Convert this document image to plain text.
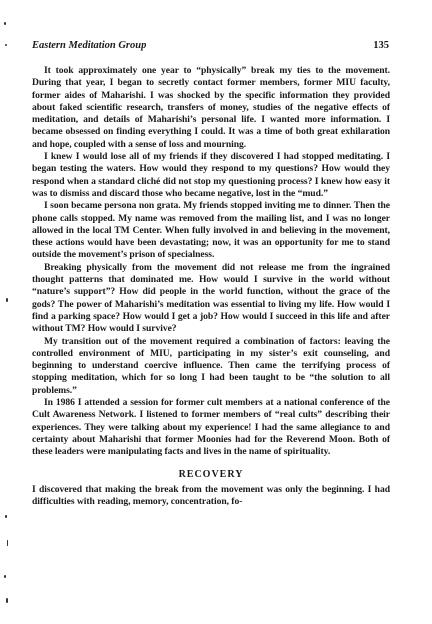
Eastern Meditation Group	135

It took approximately one year to “physically” break my ties to the movement. During that year, I began to secretly contact former members, former MIU faculty, former aides of Maharishi. I was shocked by the specific information they provided about faked scientific research, transfers of money, studies of the negative effects of meditation, and details of Maharishi’s personal life. I wanted more information. I became obsessed on finding everything I could. It was a time of both great exhilaration and hope, coupled with a sense of loss and mourning.

I knew I would lose all of my friends if they discovered I had stopped meditating. I began testing the waters. How would they respond to my questions? How would they respond when a standard cliché did not stop my questioning process? I knew how easy it was to dismiss and discard those who became negative, lost in the “mud.”

I soon became persona non grata. My friends stopped inviting me to dinner. Then the phone calls stopped. My name was removed from the mailing list, and I was no longer allowed in the local TM Center. When fully involved in and believing in the movement, these actions would have been devastating; now, it was an opportunity for me to stand outside the movement’s prison of specialness.

Breaking physically from the movement did not release me from the ingrained thought patterns that dominated me. How would I survive in the world without “nature’s support”? How did people in the world function, without the grace of the gods? The power of Maharishi’s meditation was essential to living my life. How would I find a parking space? How would I get a job? How would I succeed in this life and after without TM? How would I survive?

My transition out of the movement required a combination of factors: leaving the controlled environment of MIU, participating in my sister’s exit counseling, and beginning to understand coercive influence. Then came the terrifying process of stopping meditation, which for so long I had been taught to be “the solution to all problems.”

In 1986 I attended a session for former cult members at a national conference of the Cult Awareness Network. I listened to former members of “real cults” describing their experiences. They were talking about my experience! I had the same allegiance to and certainty about Maharishi that former Moonies had for the Reverend Moon. Both of these leaders were manipulating facts and lives in the name of spirituality.

RECOVERY

I discovered that making the break from the movement was only the beginning. I had difficulties with reading, memory, concentration, fo-
